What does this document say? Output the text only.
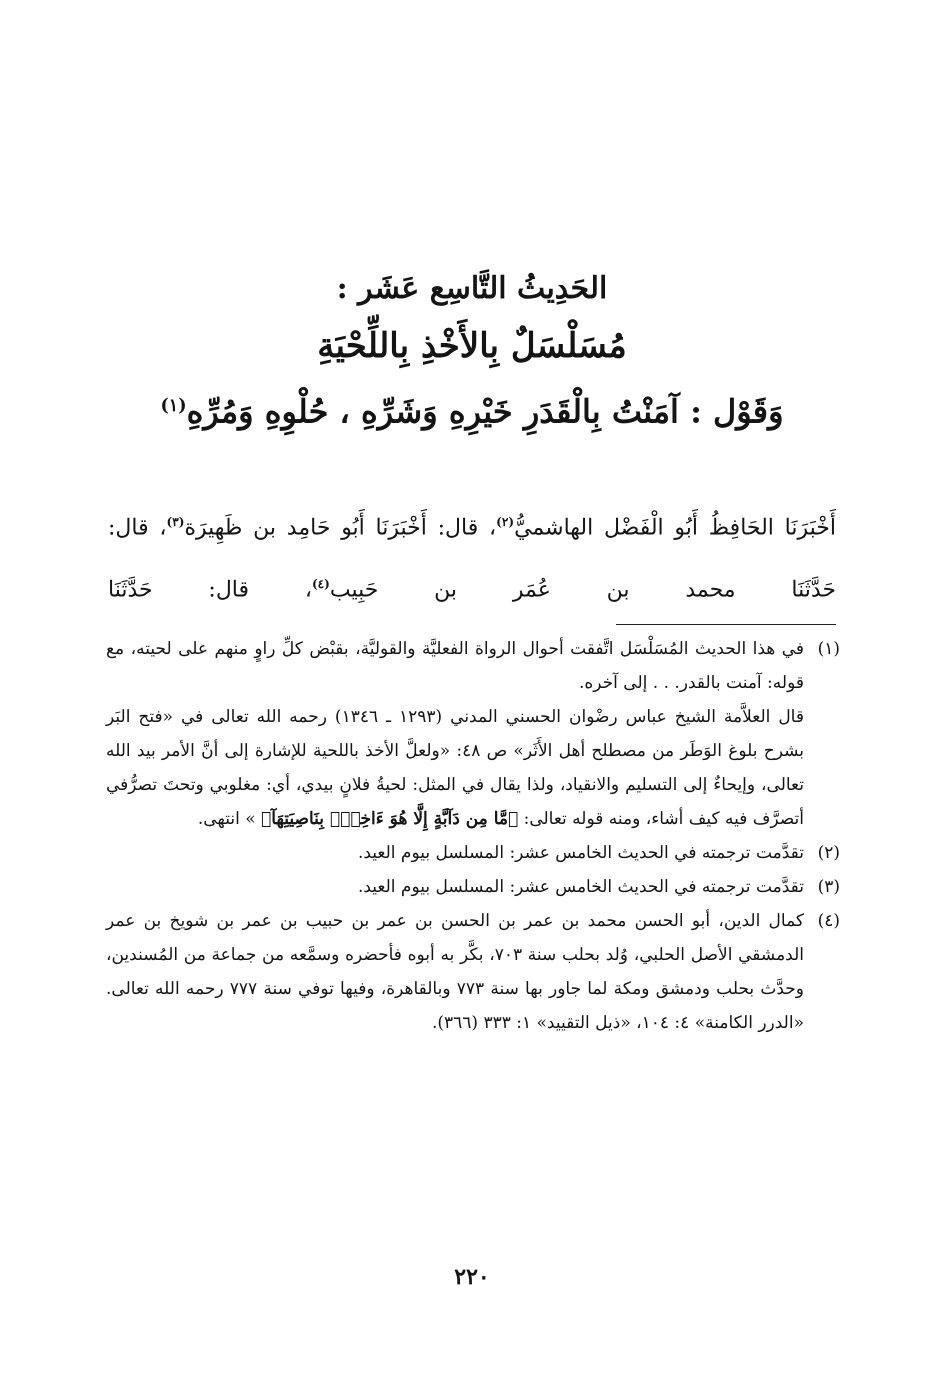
الحَدِيثُ التَّاسِع عَشَر :

مُسَلْسَلٌ بِالأَخْذِ بِاللِّحْيَةِ

وَقَوْل : آمَنْتُ بِالْقَدَرِ خَيْرِهِ وَشَرِّهِ ، حُلْوِهِ وَمُرِّهِ$^{(١)}$

أَخْبَرَنَا الحَافِظُ أَبُو الْفَضْل الهاشميُّ$^{(٢)}$، قال: أَخْبَرَنَا أَبُو حَامِد بن ظَهِيرَة$^{(٣)}$، قال: حَدَّثَنَا محمد بن عُمَر بن حَبِيب$^{(٤)}$، قال: حَدَّثَنَا

(١)

في هذا الحديث المُسَلْسَل اتَّفقت أحوال الرواة الفعليَّة والقوليَّة، بقبْض كلِّ راوٍ منهم على لحيته، مع قوله: آمنت بالقدر. . . إلى آخره.

قال العلاَّمة الشيخ عباس رضْوان الحسني المدني (١٢٩٣ ـ ١٣٤٦) رحمه الله تعالى في «فتح البَر بشرح بلوغ الوَطَر من مصطلح أهل الأَثَر» ص ٤٨: «ولعلَّ الأخذ باللحية للإشارة إلى أنَّ الأمر بيد الله تعالى، وإيحاءٌ إلى التسليم والانقياد، ولذا يقال في المثل: لحيةُ فلانٍ بيدي، أي: مغلوبي وتحتَ تصرُّفي أتصرَّف فيه كيف أشاء، ومنه قوله تعالى: ﴿مَّا مِن دَآبَّةٍ إِلَّا هُوَ ءَاخِذُۢ بِنَاصِيَتِهَآ﴾ » انتهى.

(٢)
تقدَّمت ترجمته في الحديث الخامس عشر: المسلسل بيوم العيد.
(٣)
تقدَّمت ترجمته في الحديث الخامس عشر: المسلسل بيوم العيد.
(٤)
كمال الدين، أبو الحسن محمد بن عمر بن الحسن بن عمر بن حبيب بن عمر بن شويخ بن عمر الدمشقي الأصل الحلبي، وُلد بحلب سنة ٧٠٣، بكَّر به أبوه فأحضره وسمَّعه من جماعة من المُسندين، وحدَّث بحلب ودمشق ومكة لما جاور بها سنة ٧٧٣ وبالقاهرة، وفيها توفي سنة ٧٧٧ رحمه الله تعالى. «الدرر الكامنة» ٤: ١٠٤، «ذيل التقييد» ١: ٣٣٣ (٣٦٦).
٢٢٠
